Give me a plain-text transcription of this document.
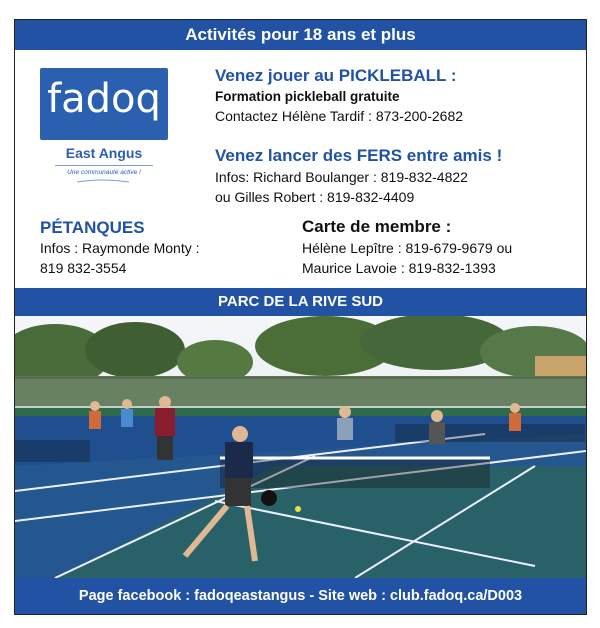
Activités pour 18 ans et plus
fadoq
East Angus
Une communauté active !
Venez jouer au PICKLEBALL :
Formation pickleball gratuite
Contactez Hélène Tardif : 873-200-2682
Venez lancer des FERS entre amis !
Infos: Richard Boulanger : 819-832-4822
ou Gilles Robert : 819-832-4409
PÉTANQUES
Infos : Raymonde Monty :
819 832-3554
Carte de membre :
Hélène Lepître : 819-679-9679 ou
Maurice Lavoie : 819-832-1393
PARC DE LA RIVE SUD
Page facebook : fadoqeastangus - Site web : club.fadoq.ca/D003
